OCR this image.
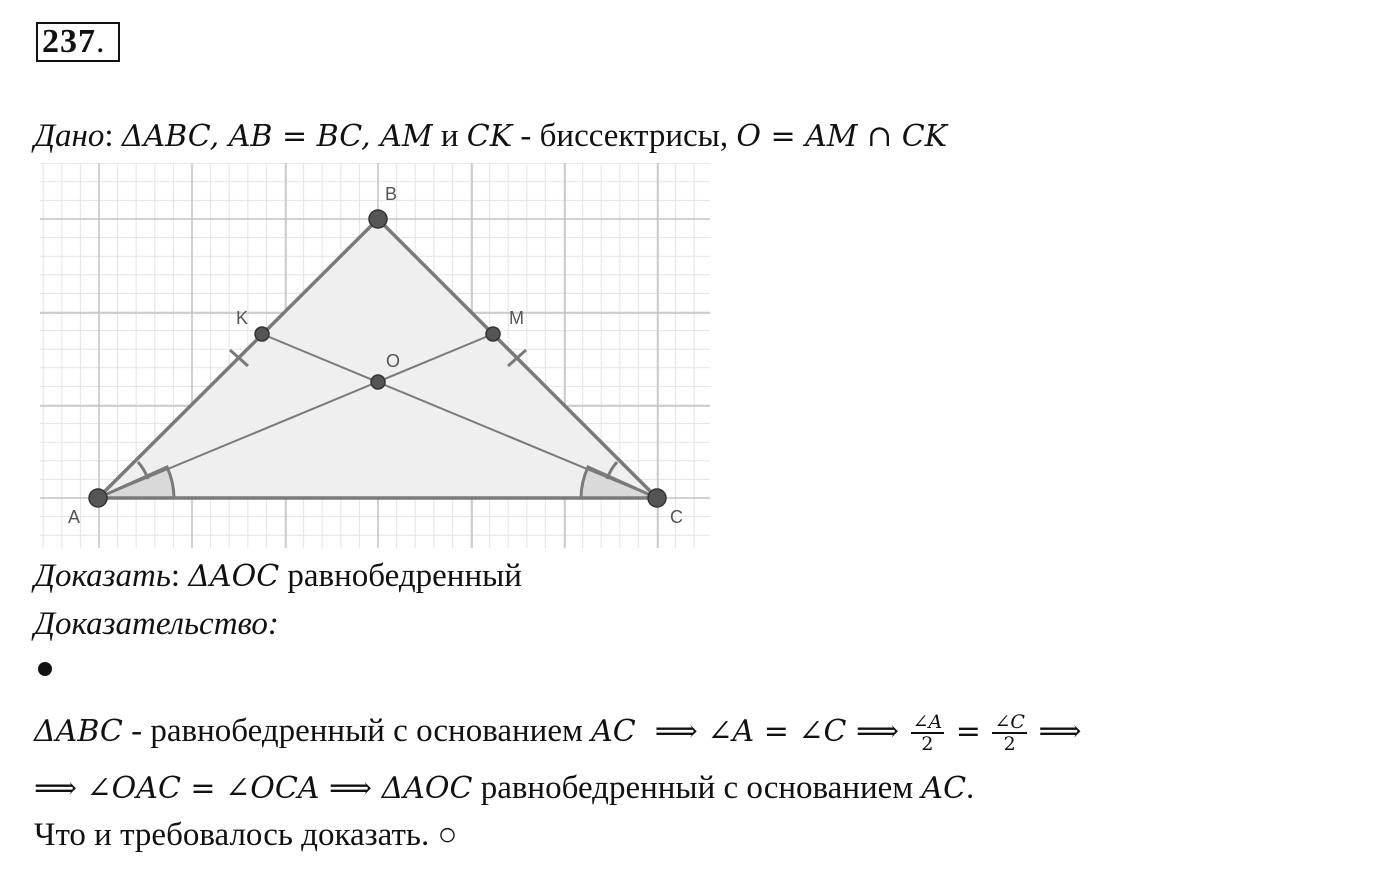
237.
Дано: ΔABC, AB = BC, AM и CK - биссектрисы, O = AM ∩ CK
A
B
C
K	M
O
Доказать: ΔAOC равнобедренный
Доказательство:
ΔABC - равнобедренный с основанием AC  ⟹ ∠A = ∠C ⟹ $\frac{\angle A}{2} = \frac{\angle C}{2}$ ⟹
⟹ ∠OAC = ∠OCA ⟹ ΔAOC равнобедренный с основанием AC.
Что и требовалось доказать. ○
